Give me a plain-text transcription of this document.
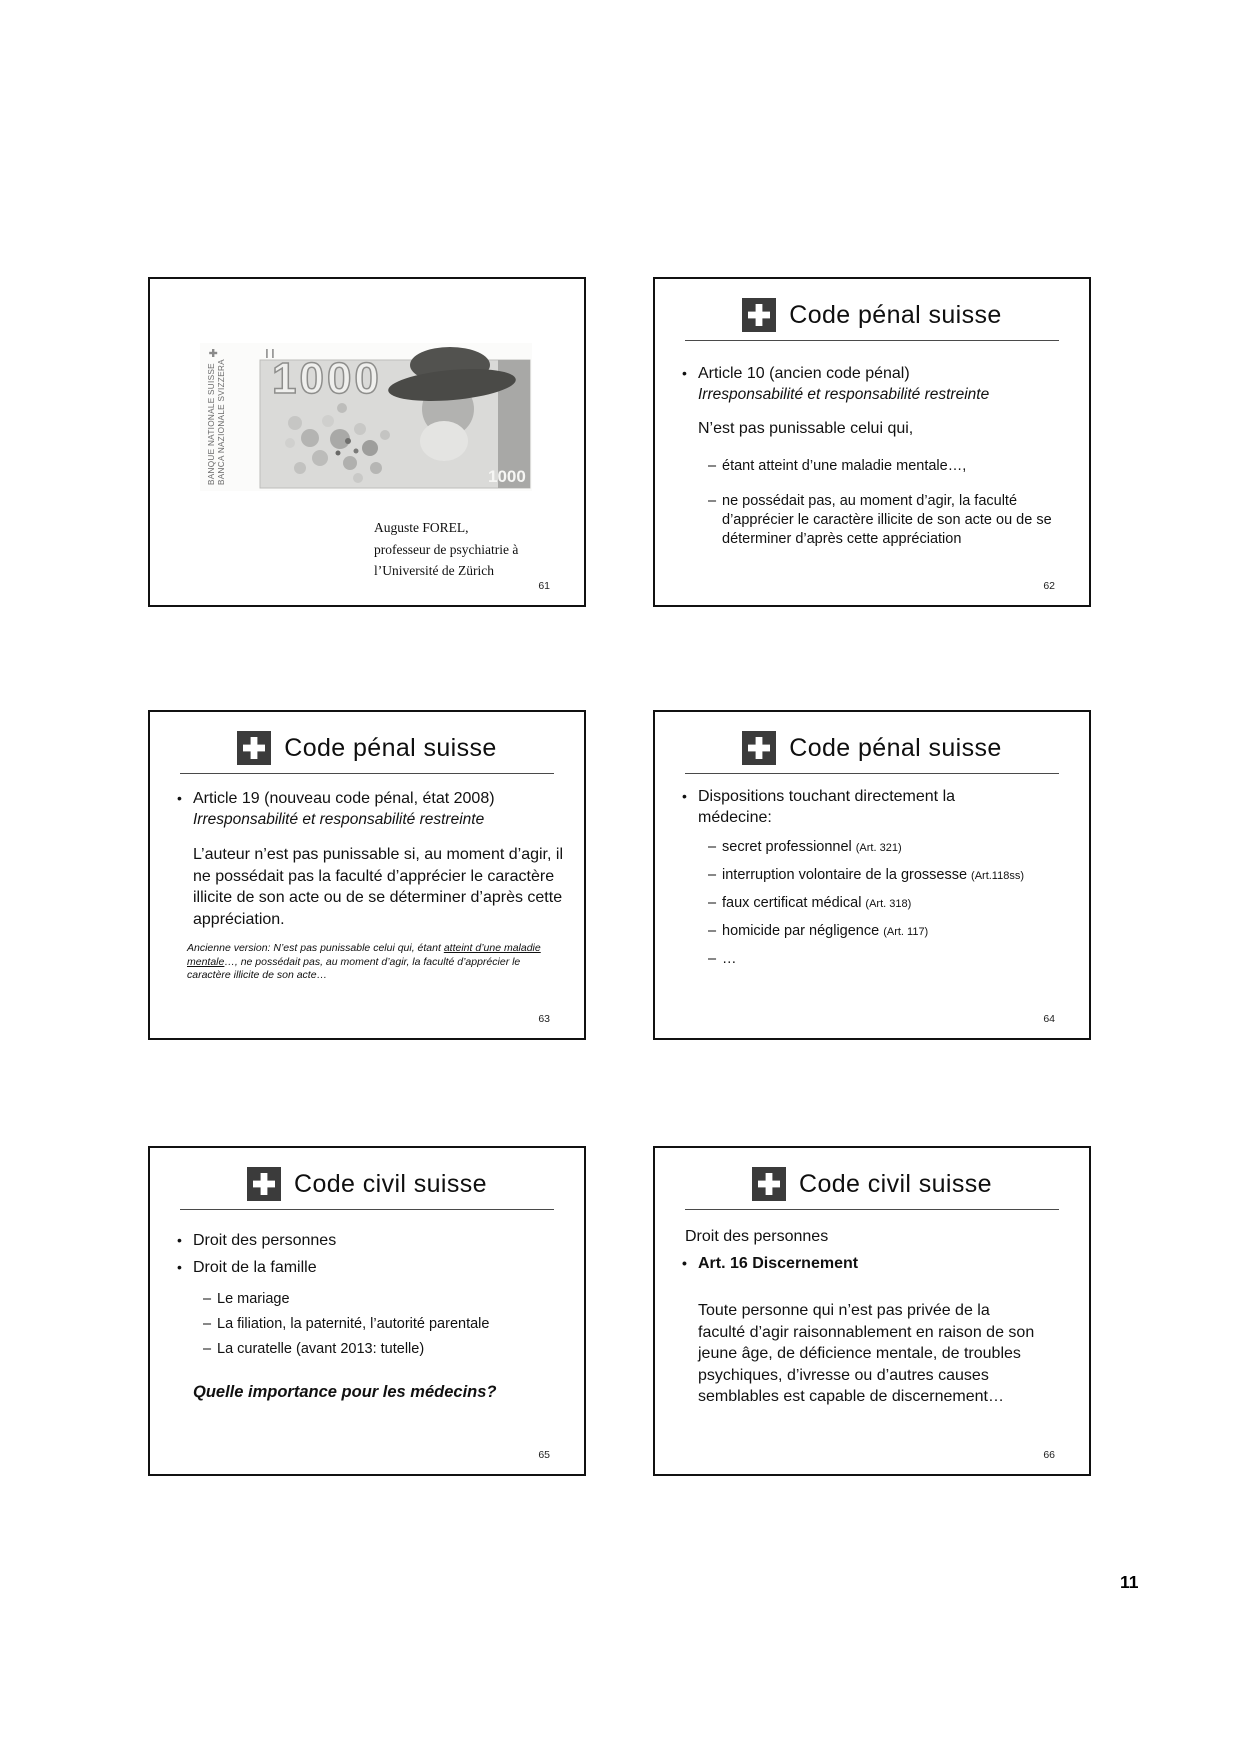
BANQUE NATIONALE SUISSE BANCA NAZIONALE SVIZZERA 1000
1000
Auguste FOREL,
professeur de psychiatrie à
l’Université de Zürich
61
Code pénal suisse
• Article 10 (ancien code pénal)
Irresponsabilité et responsabilité restreinte
N’est pas punissable celui qui,
– étant atteint d’une maladie mentale…,
– ne possédait pas, au moment d’agir, la faculté d’apprécier le caractère illicite de son acte ou de se déterminer d’après cette appréciation
62
Code pénal suisse
• Article 19 (nouveau code pénal, état 2008)
Irresponsabilité et responsabilité restreinte
L’auteur n’est pas punissable si, au moment d’agir, il ne possédait pas la faculté d’apprécier le caractère illicite de son acte ou de se déterminer d’après cette appréciation.
Ancienne version: N’est pas punissable celui qui, étant atteint d’une maladie mentale…, ne possédait pas, au moment d’agir, la faculté d’apprécier le caractère illicite de son acte…
63
Code pénal suisse
• Dispositions touchant directement la médecine:
– secret professionnel (Art. 321)
– interruption volontaire de la grossesse (Art.118ss)
– faux certificat médical (Art. 318)
– homicide par négligence (Art. 117)
– …
64
Code civil suisse
• Droit des personnes
• Droit de la famille
– Le mariage
– La filiation, la paternité, l’autorité parentale
– La curatelle (avant 2013: tutelle)
Quelle importance pour les médecins?
65
Code civil suisse
Droit des personnes
• Art. 16 Discernement
Toute personne qui n’est pas privée de la faculté d’agir raisonnablement en raison de son jeune âge, de déficience mentale, de troubles psychiques, d’ivresse ou d’autres causes semblables est capable de discernement…
66
11
